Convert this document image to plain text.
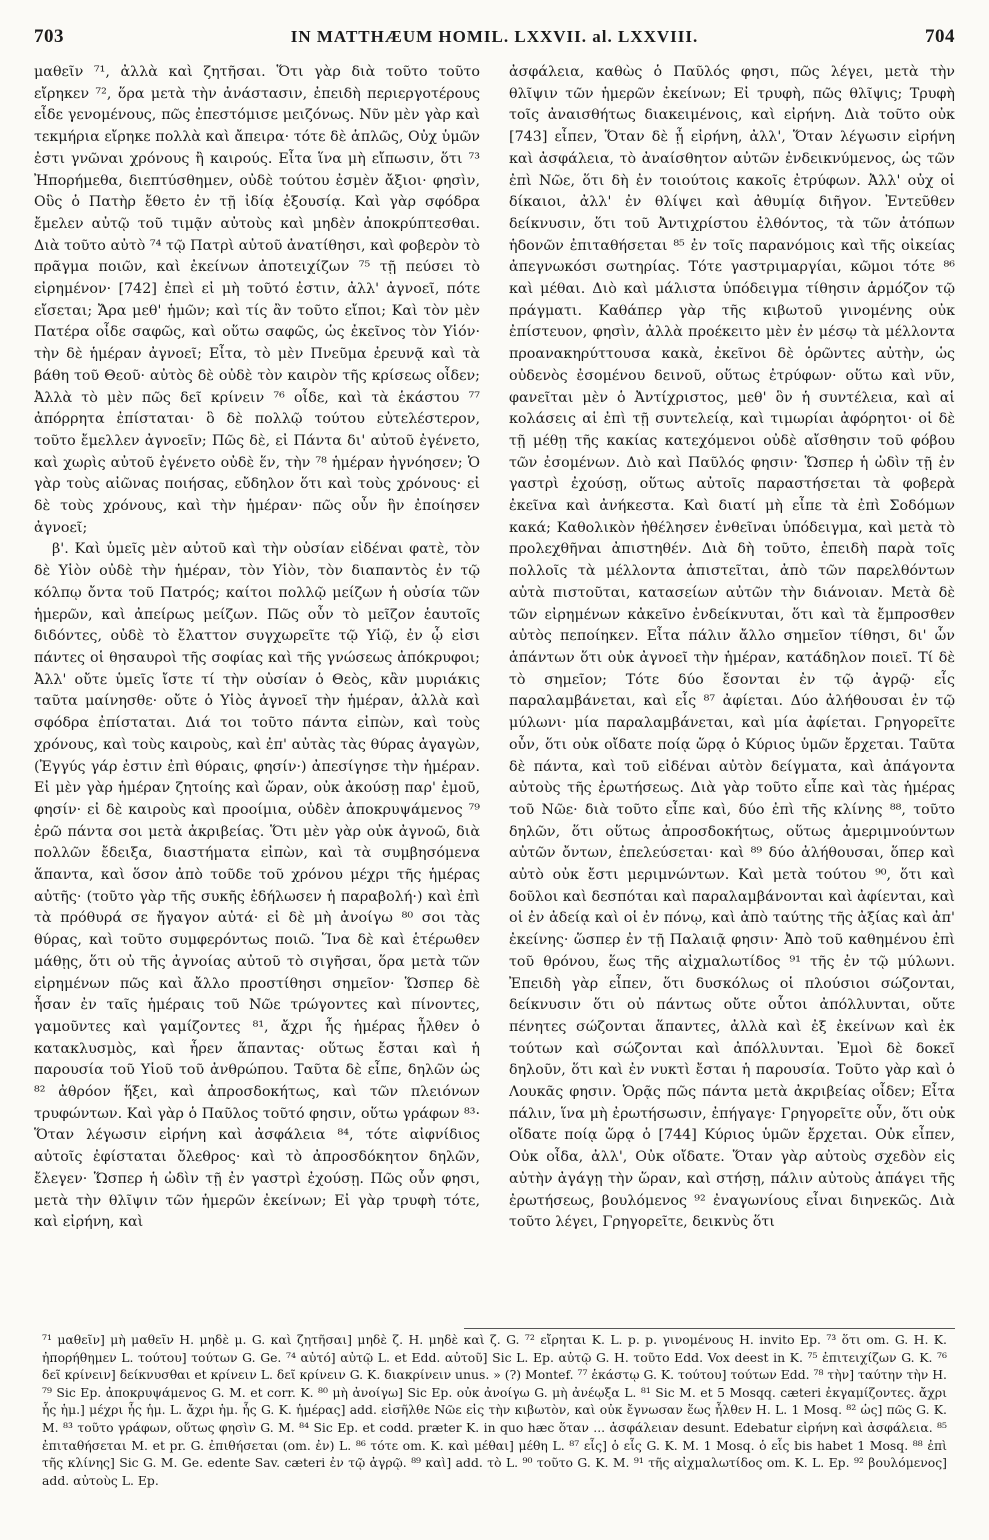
703	IN MATTHÆUM HOMIL. LXXVII. al. LXXVIII.	704

μαθεῖν ⁷¹, ἀλλὰ καὶ ζητῆσαι. Ὅτι γὰρ διὰ τοῦτο τοῦτο εἴρηκεν ⁷², ὅρα μετὰ τὴν ἀνάστασιν, ἐπειδὴ περιεργοτέρους εἶδε γενομένους, πῶς ἐπεστόμισε μειζόνως. Νῦν μὲν γὰρ καὶ τεκμήρια εἴρηκε πολλὰ καὶ ἄπειρα· τότε δὲ ἁπλῶς, Οὐχ ὑμῶν ἐστι γνῶναι χρόνους ἢ καιρούς. Εἶτα ἵνα μὴ εἴπωσιν, ὅτι ⁷³ Ἠπορήμεθα, διεπτύσθημεν, οὐδὲ τούτου ἐσμὲν ἄξιοι· φησὶν, Οὓς ὁ Πατὴρ ἔθετο ἐν τῇ ἰδίᾳ ἐξουσίᾳ. Καὶ γὰρ σφόδρα ἔμελεν αὐτῷ τοῦ τιμᾷν αὐτοὺς καὶ μηδὲν ἀποκρύπτεσθαι. Διὰ τοῦτο αὐτὸ ⁷⁴ τῷ Πατρὶ αὐτοῦ ἀνατίθησι, καὶ φοβερὸν τὸ πρᾶγμα ποιῶν, καὶ ἐκείνων ἀποτειχίζων ⁷⁵ τῇ πεύσει τὸ εἰρημένον· [742] ἐπεὶ εἰ μὴ τοῦτό ἐστιν, ἀλλ' ἀγνοεῖ, πότε εἴσεται; Ἄρα μεθ' ἡμῶν; καὶ τίς ἂν τοῦτο εἴποι; Καὶ τὸν μὲν Πατέρα οἶδε σαφῶς, καὶ οὕτω σαφῶς, ὡς ἐκεῖνος τὸν Υἱόν· τὴν δὲ ἡμέραν ἀγνοεῖ; Εἶτα, τὸ μὲν Πνεῦμα ἐρευνᾷ καὶ τὰ βάθη τοῦ Θεοῦ· αὐτὸς δὲ οὐδὲ τὸν καιρὸν τῆς κρίσεως οἶδεν; Ἀλλὰ τὸ μὲν πῶς δεῖ κρίνειν ⁷⁶ οἶδε, καὶ τὰ ἑκάστου ⁷⁷ ἀπόρρητα ἐπίσταται· ὃ δὲ πολλῷ τούτου εὐτελέστερον, τοῦτο ἔμελλεν ἀγνοεῖν; Πῶς δὲ, εἰ Πάντα δι' αὐτοῦ ἐγένετο, καὶ χωρὶς αὐτοῦ ἐγένετο οὐδὲ ἕν, τὴν ⁷⁸ ἡμέραν ἠγνόησεν; Ὁ γὰρ τοὺς αἰῶνας ποιήσας, εὔδηλον ὅτι καὶ τοὺς χρόνους· εἰ δὲ τοὺς χρόνους, καὶ τὴν ἡμέραν· πῶς οὖν ἣν ἐποίησεν ἀγνοεῖ;

β'. Καὶ ὑμεῖς μὲν αὐτοῦ καὶ τὴν οὐσίαν εἰδέναι φατὲ, τὸν δὲ Υἱὸν οὐδὲ τὴν ἡμέραν, τὸν Υἱὸν, τὸν διαπαντὸς ἐν τῷ κόλπῳ ὄντα τοῦ Πατρός; καίτοι πολλῷ μείζων ἡ οὐσία τῶν ἡμερῶν, καὶ ἀπείρως μείζων. Πῶς οὖν τὸ μεῖζον ἑαυτοῖς διδόντες, οὐδὲ τὸ ἔλαττον συγχωρεῖτε τῷ Υἱῷ, ἐν ᾧ εἰσι πάντες οἱ θησαυροὶ τῆς σοφίας καὶ τῆς γνώσεως ἀπόκρυφοι; Ἀλλ' οὔτε ὑμεῖς ἴστε τί τὴν οὐσίαν ὁ Θεὸς, κἂν μυριάκις ταῦτα μαίνησθε· οὔτε ὁ Υἱὸς ἀγνοεῖ τὴν ἡμέραν, ἀλλὰ καὶ σφόδρα ἐπίσταται. Διά τοι τοῦτο πάντα εἰπὼν, καὶ τοὺς χρόνους, καὶ τοὺς καιροὺς, καὶ ἐπ' αὐτὰς τὰς θύρας ἀγαγὼν, (Ἐγγύς γάρ ἐστιν ἐπὶ θύραις, φησίν·) ἀπεσίγησε τὴν ἡμέραν. Εἰ μὲν γὰρ ἡμέραν ζητοίης καὶ ὥραν, οὐκ ἀκούσῃ παρ' ἐμοῦ, φησίν· εἰ δὲ καιροὺς καὶ προοίμια, οὐδὲν ἀποκρυψάμενος ⁷⁹ ἐρῶ πάντα σοι μετὰ ἀκριβείας. Ὅτι μὲν γὰρ οὐκ ἀγνοῶ, διὰ πολλῶν ἔδειξα, διαστήματα εἰπὼν, καὶ τὰ συμβησόμενα ἅπαντα, καὶ ὅσον ἀπὸ τοῦδε τοῦ χρόνου μέχρι τῆς ἡμέρας αὐτῆς· (τοῦτο γὰρ τῆς συκῆς ἐδήλωσεν ἡ παραβολή·) καὶ ἐπὶ τὰ πρόθυρά σε ἤγαγον αὐτά· εἰ δὲ μὴ ἀνοίγω ⁸⁰ σοι τὰς θύρας, καὶ τοῦτο συμφερόντως ποιῶ. Ἵνα δὲ καὶ ἑτέρωθεν μάθῃς, ὅτι οὐ τῆς ἀγνοίας αὐτοῦ τὸ σιγῆσαι, ὅρα μετὰ τῶν εἰρημένων πῶς καὶ ἄλλο προστίθησι σημεῖον· Ὥσπερ δὲ ἦσαν ἐν ταῖς ἡμέραις τοῦ Νῶε τρώγοντες καὶ πίνοντες, γαμοῦντες καὶ γαμίζοντες ⁸¹, ἄχρι ἧς ἡμέρας ἦλθεν ὁ κατακλυσμὸς, καὶ ἦρεν ἅπαντας· οὕτως ἔσται καὶ ἡ παρουσία τοῦ Υἱοῦ τοῦ ἀνθρώπου. Ταῦτα δὲ εἶπε, δηλῶν ὡς ⁸² ἀθρόον ἥξει, καὶ ἀπροσδοκήτως, καὶ τῶν πλειόνων τρυφώντων. Καὶ γὰρ ὁ Παῦλος τοῦτό φησιν, οὕτω γράφων ⁸³· Ὅταν λέγωσιν εἰρήνη καὶ ἀσφάλεια ⁸⁴, τότε αἰφνίδιος αὐτοῖς ἐφίσταται ὄλεθρος· καὶ τὸ ἀπροσδόκητον δηλῶν, ἔλεγεν· Ὥσπερ ἡ ὠδὶν τῇ ἐν γαστρὶ ἐχούσῃ. Πῶς οὖν φησι, μετὰ τὴν θλῖψιν τῶν ἡμερῶν ἐκείνων; Εἰ γὰρ τρυφὴ τότε, καὶ εἰρήνη, καὶ

ἀσφάλεια, καθὼς ὁ Παῦλός φησι, πῶς λέγει, μετὰ τὴν θλῖψιν τῶν ἡμερῶν ἐκείνων; Εἰ τρυφὴ, πῶς θλῖψις; Τρυφὴ τοῖς ἀναισθήτως διακειμένοις, καὶ εἰρήνη. Διὰ τοῦτο οὐκ [743] εἶπεν, Ὅταν δὲ ᾖ εἰρήνη, ἀλλ', Ὅταν λέγωσιν εἰρήνη καὶ ἀσφάλεια, τὸ ἀναίσθητον αὐτῶν ἐνδεικνύμενος, ὡς τῶν ἐπὶ Νῶε, ὅτι δὴ ἐν τοιούτοις κακοῖς ἐτρύφων. Ἀλλ' οὐχ οἱ δίκαιοι, ἀλλ' ἐν θλίψει καὶ ἀθυμίᾳ διῆγον. Ἐντεῦθεν δείκνυσιν, ὅτι τοῦ Ἀντιχρίστου ἐλθόντος, τὰ τῶν ἀτόπων ἡδονῶν ἐπιταθήσεται ⁸⁵ ἐν τοῖς παρανόμοις καὶ τῆς οἰκείας ἀπεγνωκόσι σωτηρίας. Τότε γαστριμαργίαι, κῶμοι τότε ⁸⁶ καὶ μέθαι. Διὸ καὶ μάλιστα ὑπόδειγμα τίθησιν ἁρμόζον τῷ πράγματι. Καθάπερ γὰρ τῆς κιβωτοῦ γινομένης οὐκ ἐπίστευον, φησὶν, ἀλλὰ προέκειτο μὲν ἐν μέσῳ τὰ μέλλοντα προανακηρύττουσα κακὰ, ἐκεῖνοι δὲ ὁρῶντες αὐτὴν, ὡς οὐδενὸς ἐσομένου δεινοῦ, οὕτως ἐτρύφων· οὕτω καὶ νῦν, φανεῖται μὲν ὁ Ἀντίχριστος, μεθ' ὃν ἡ συντέλεια, καὶ αἱ κολάσεις αἱ ἐπὶ τῇ συντελείᾳ, καὶ τιμωρίαι ἀφόρητοι· οἱ δὲ τῇ μέθῃ τῆς κακίας κατεχόμενοι οὐδὲ αἴσθησιν τοῦ φόβου τῶν ἐσομένων. Διὸ καὶ Παῦλός φησιν· Ὥσπερ ἡ ὠδὶν τῇ ἐν γαστρὶ ἐχούσῃ, οὕτως αὐτοῖς παραστήσεται τὰ φοβερὰ ἐκεῖνα καὶ ἀνήκεστα. Καὶ διατί μὴ εἶπε τὰ ἐπὶ Σοδόμων κακά; Καθολικὸν ἠθέλησεν ἐνθεῖναι ὑπόδειγμα, καὶ μετὰ τὸ προλεχθῆναι ἀπιστηθέν. Διὰ δὴ τοῦτο, ἐπειδὴ παρὰ τοῖς πολλοῖς τὰ μέλλοντα ἀπιστεῖται, ἀπὸ τῶν παρελθόντων αὐτὰ πιστοῦται, κατασείων αὐτῶν τὴν διάνοιαν. Μετὰ δὲ τῶν εἰρημένων κἀκεῖνο ἐνδείκνυται, ὅτι καὶ τὰ ἔμπροσθεν αὐτὸς πεποίηκεν. Εἶτα πάλιν ἄλλο σημεῖον τίθησι, δι' ὧν ἁπάντων ὅτι οὐκ ἀγνοεῖ τὴν ἡμέραν, κατάδηλον ποιεῖ. Τί δὲ τὸ σημεῖον; Τότε δύο ἔσονται ἐν τῷ ἀγρῷ· εἷς παραλαμβάνεται, καὶ εἷς ⁸⁷ ἀφίεται. Δύο ἀλήθουσαι ἐν τῷ μύλωνι· μία παραλαμβάνεται, καὶ μία ἀφίεται. Γρηγορεῖτε οὖν, ὅτι οὐκ οἴδατε ποίᾳ ὥρᾳ ὁ Κύριος ὑμῶν ἔρχεται. Ταῦτα δὲ πάντα, καὶ τοῦ εἰδέναι αὐτὸν δείγματα, καὶ ἀπάγοντα αὐτοὺς τῆς ἐρωτήσεως. Διὰ γὰρ τοῦτο εἶπε καὶ τὰς ἡμέρας τοῦ Νῶε· διὰ τοῦτο εἶπε καὶ, δύο ἐπὶ τῆς κλίνης ⁸⁸, τοῦτο δηλῶν, ὅτι οὕτως ἀπροσδοκήτως, οὕτως ἀμεριμνούντων αὐτῶν ὄντων, ἐπελεύσεται· καὶ ⁸⁹ δύο ἀλήθουσαι, ὅπερ καὶ αὐτὸ οὐκ ἔστι μεριμνώντων. Καὶ μετὰ τούτου ⁹⁰, ὅτι καὶ δοῦλοι καὶ δεσπόται καὶ παραλαμβάνονται καὶ ἀφίενται, καὶ οἱ ἐν ἀδείᾳ καὶ οἱ ἐν πόνῳ, καὶ ἀπὸ ταύτης τῆς ἀξίας καὶ ἀπ' ἐκείνης· ὥσπερ ἐν τῇ Παλαιᾷ φησιν· Ἀπὸ τοῦ καθημένου ἐπὶ τοῦ θρόνου, ἕως τῆς αἰχμαλωτίδος ⁹¹ τῆς ἐν τῷ μύλωνι. Ἐπειδὴ γὰρ εἶπεν, ὅτι δυσκόλως οἱ πλούσιοι σώζονται, δείκνυσιν ὅτι οὐ πάντως οὔτε οὗτοι ἀπόλλυνται, οὔτε πένητες σώζονται ἅπαντες, ἀλλὰ καὶ ἐξ ἐκείνων καὶ ἐκ τούτων καὶ σώζονται καὶ ἀπόλλυνται. Ἐμοὶ δὲ δοκεῖ δηλοῦν, ὅτι καὶ ἐν νυκτὶ ἔσται ἡ παρουσία. Τοῦτο γὰρ καὶ ὁ Λουκᾶς φησιν. Ὁρᾷς πῶς πάντα μετὰ ἀκριβείας οἶδεν; Εἶτα πάλιν, ἵνα μὴ ἐρωτήσωσιν, ἐπήγαγε· Γρηγορεῖτε οὖν, ὅτι οὐκ οἴδατε ποίᾳ ὥρᾳ ὁ [744] Κύριος ὑμῶν ἔρχεται. Οὐκ εἶπεν, Οὐκ οἶδα, ἀλλ', Οὐκ οἴδατε. Ὅταν γὰρ αὐτοὺς σχεδὸν εἰς αὐτὴν ἀγάγῃ τὴν ὥραν, καὶ στήσῃ, πάλιν αὐτοὺς ἀπάγει τῆς ἐρωτήσεως, βουλόμενος ⁹² ἐναγωνίους εἶναι διηνεκῶς. Διὰ τοῦτο λέγει, Γρηγορεῖτε, δεικνὺς ὅτι

⁷¹ μαθεῖν] μὴ μαθεῖν H. μηδὲ μ. G. καὶ ζητῆσαι] μηδὲ ζ. H. μηδὲ καὶ ζ. G. ⁷² εἴρηται K. L. p. p. γινομένους H. invito Ep. ⁷³ ὅτι om. G. H. K. ἠπορήθημεν L. τούτου] τούτων G. Ge. ⁷⁴ αὐτό] αὐτῷ L. et Edd. αὐτοῦ] Sic L. Ep. αὐτῷ G. H. τοῦτο Edd. Vox deest in K. ⁷⁵ ἐπιτειχίζων G. K. ⁷⁶ δεῖ κρίνειν] δείκνυσθαι et κρίνειν L. δεῖ κρίνειν G. K. διακρίνειν unus. » (?) Montef. ⁷⁷ ἑκάστῳ G. K. τούτου] τούτων Edd. ⁷⁸ τὴν] ταύτην τὴν H. ⁷⁹ Sic Ep. ἀποκρυψάμενος G. M. et corr. K. ⁸⁰ μὴ ἀνοίγω] Sic Ep. οὐκ ἀνοίγω G. μὴ ἀνέῳξα L. ⁸¹ Sic M. et 5 Mosqq. cæteri ἐκγαμίζοντες. ἄχρι ἧς ἡμ.] μέχρι ἧς ἡμ. L. ἄχρι ἡμ. ἧς G. K. ἡμέρας] add. εἰσῆλθε Νῶε εἰς τὴν κιβωτὸν, καὶ οὐκ ἔγνωσαν ἕως ἦλθεν H. L. 1 Mosq. ⁸² ὡς] πῶς G. K. M. ⁸³ τοῦτο γράφων, οὕτως φησὶν G. M. ⁸⁴ Sic Ep. et codd. præter K. in quo hæc ὅταν ... ἀσφάλειαν desunt. Edebatur εἰρήνη καὶ ἀσφάλεια. ⁸⁵ ἐπιταθήσεται M. et pr. G. ἐπιθήσεται (om. ἐν) L. ⁸⁶ τότε om. K. καὶ μέθαι] μέθη L. ⁸⁷ εἷς] ὁ εἷς G. K. M. 1 Mosq. ὁ εἷς bis habet 1 Mosq. ⁸⁸ ἐπὶ τῆς κλίνης] Sic G. M. Ge. edente Sav. cæteri ἐν τῷ ἀγρῷ. ⁸⁹ καὶ] add. τὸ L. ⁹⁰ τοῦτο G. K. M. ⁹¹ τῆς αἰχμαλωτίδος om. K. L. Ep. ⁹² βουλόμενος] add. αὐτοὺς L. Ep.
